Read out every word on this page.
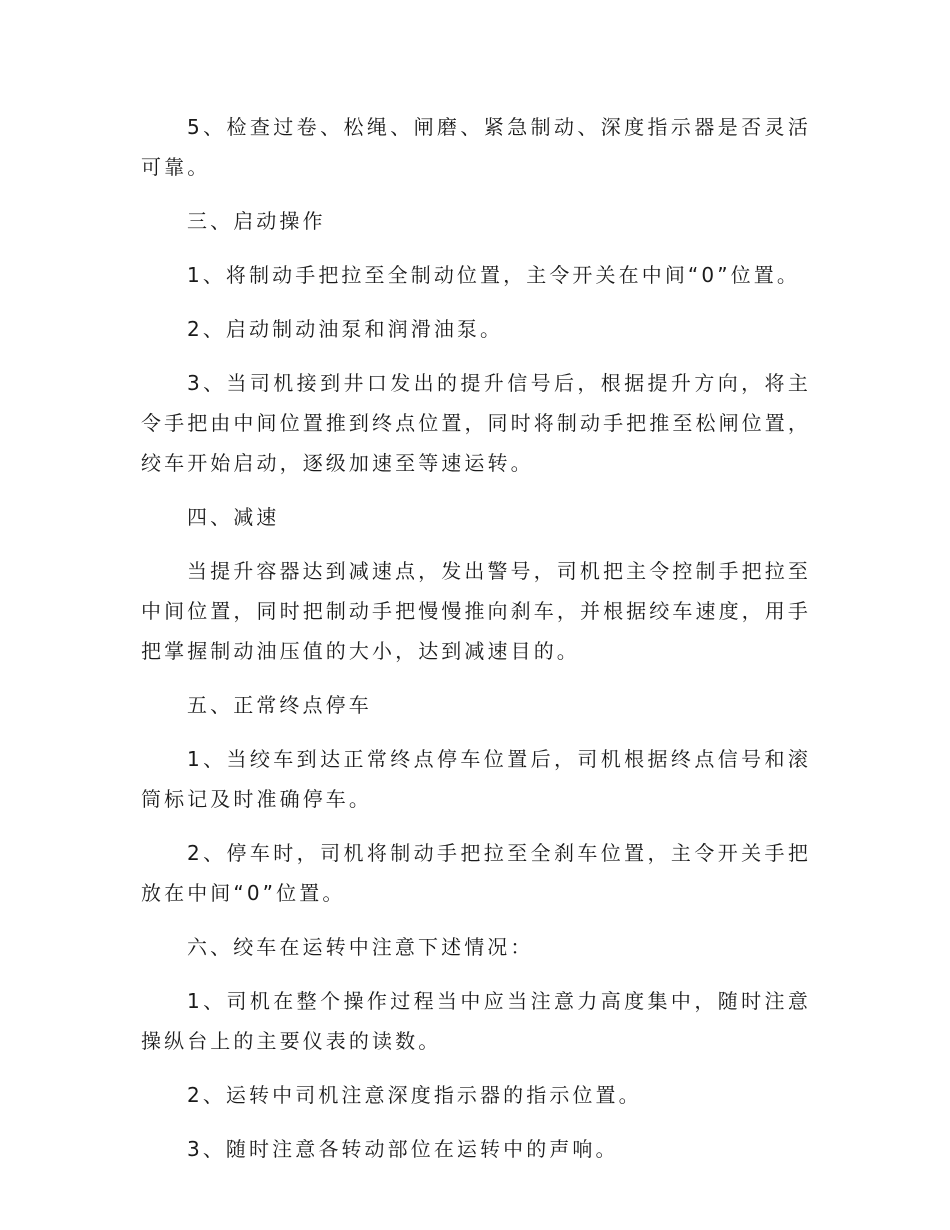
5、检查过卷、松绳、闸磨、紧急制动、深度指示器是否灵活可靠。

三、启动操作

1、将制动手把拉至全制动位置，主令开关在中间“0”位置。

2、启动制动油泵和润滑油泵。

3、当司机接到井口发出的提升信号后，根据提升方向，将主令手把由中间位置推到终点位置，同时将制动手把推至松闸位置，绞车开始启动，逐级加速至等速运转。

四、减速

当提升容器达到减速点，发出警号，司机把主令控制手把拉至中间位置，同时把制动手把慢慢推向刹车，并根据绞车速度，用手把掌握制动油压值的大小，达到减速目的。

五、正常终点停车

1、当绞车到达正常终点停车位置后，司机根据终点信号和滚筒标记及时准确停车。

2、停车时，司机将制动手把拉至全刹车位置，主令开关手把放在中间“0”位置。

六、绞车在运转中注意下述情况：

1、司机在整个操作过程当中应当注意力高度集中，随时注意操纵台上的主要仪表的读数。

2、运转中司机注意深度指示器的指示位置。

3、随时注意各转动部位在运转中的声响。
